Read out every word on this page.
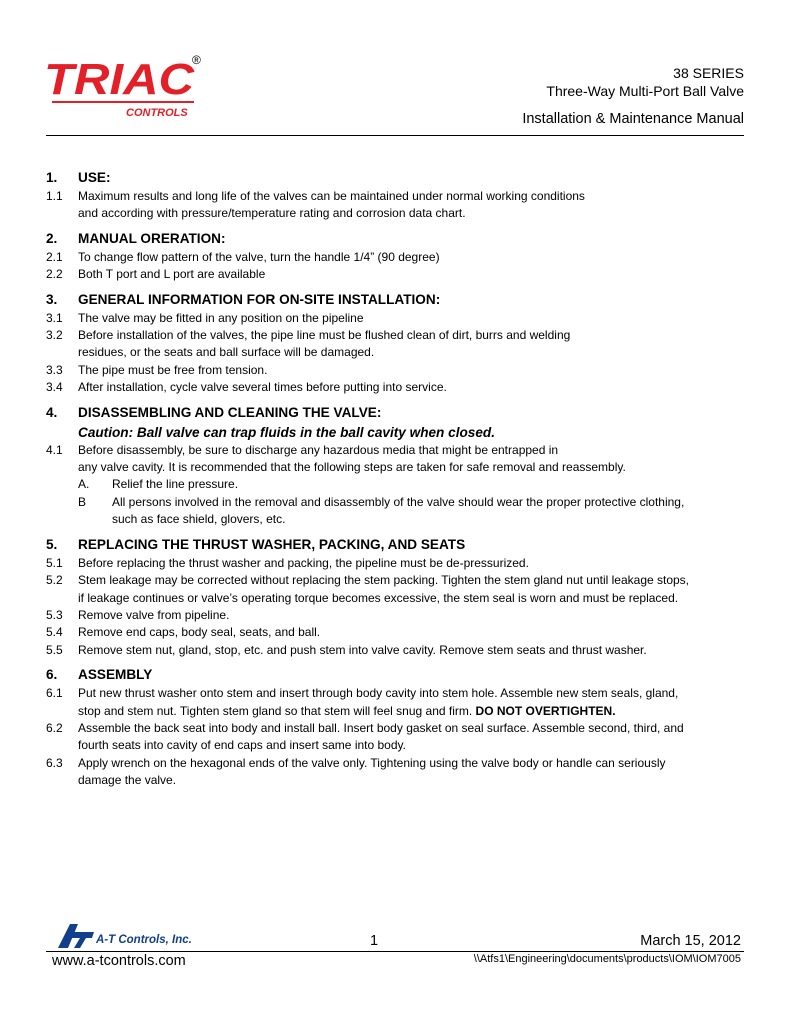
TRIAC
CONTROLS
®
38 SERIES
Three-Way Multi-Port Ball Valve
Installation & Maintenance Manual
1.	USE:
1.1	Maximum results and long life of the valves can be maintained under normal working conditions
and according with pressure/temperature rating and corrosion data chart.
2.	MANUAL ORERATION:
2.1	To change flow pattern of the valve, turn the handle 1/4” (90 degree)
2.2	Both T port and L port are available
3.	GENERAL INFORMATION FOR ON-SITE INSTALLATION:
3.1	The valve may be fitted in any position on the pipeline
3.2	Before installation of the valves, the pipe line must be flushed clean of dirt, burrs and welding
residues, or the seats and ball surface will be damaged.
3.3	The pipe must be free from tension.
3.4	After installation, cycle valve several times before putting into service.
4.	DISASSEMBLING AND CLEANING THE VALVE:
Caution: Ball valve can trap fluids in the ball cavity when closed.
4.1	Before disassembly, be sure to discharge any hazardous media that might be entrapped in
any valve cavity. It is recommended that the following steps are taken for safe removal and reassembly.
A.	Relief the line pressure.
B	All persons involved in the removal and disassembly of the valve should wear the proper protective clothing,
such as face shield, glovers, etc.
5.	REPLACING THE THRUST WASHER, PACKING, AND SEATS
5.1	Before replacing the thrust washer and packing, the pipeline must be de-pressurized.
5.2	Stem leakage may be corrected without replacing the stem packing. Tighten the stem gland nut until leakage stops,
if leakage continues or valve’s operating torque becomes excessive, the stem seal is worn and must be replaced.
5.3	Remove valve from pipeline.
5.4	Remove end caps, body seal, seats, and ball.
5.5	Remove stem nut, gland, stop, etc. and push stem into valve cavity. Remove stem seats and thrust washer.
6.	ASSEMBLY
6.1	Put new thrust washer onto stem and insert through body cavity into stem hole. Assemble new stem seals, gland,
stop and stem nut. Tighten stem gland so that stem will feel snug and firm. DO NOT OVERTIGHTEN.
6.2	Assemble the back seat into body and install ball. Insert body gasket on seal surface. Assemble second, third, and
fourth seats into cavity of end caps and insert same into body.
6.3	Apply wrench on the hexagonal ends of the valve only. Tightening using the valve body or handle can seriously
damage the valve.
A-T Controls, Inc.	1	March 15, 2012
www.a-tcontrols.com	\\Atfs1\Engineering\documents\products\IOM\IOM7005
